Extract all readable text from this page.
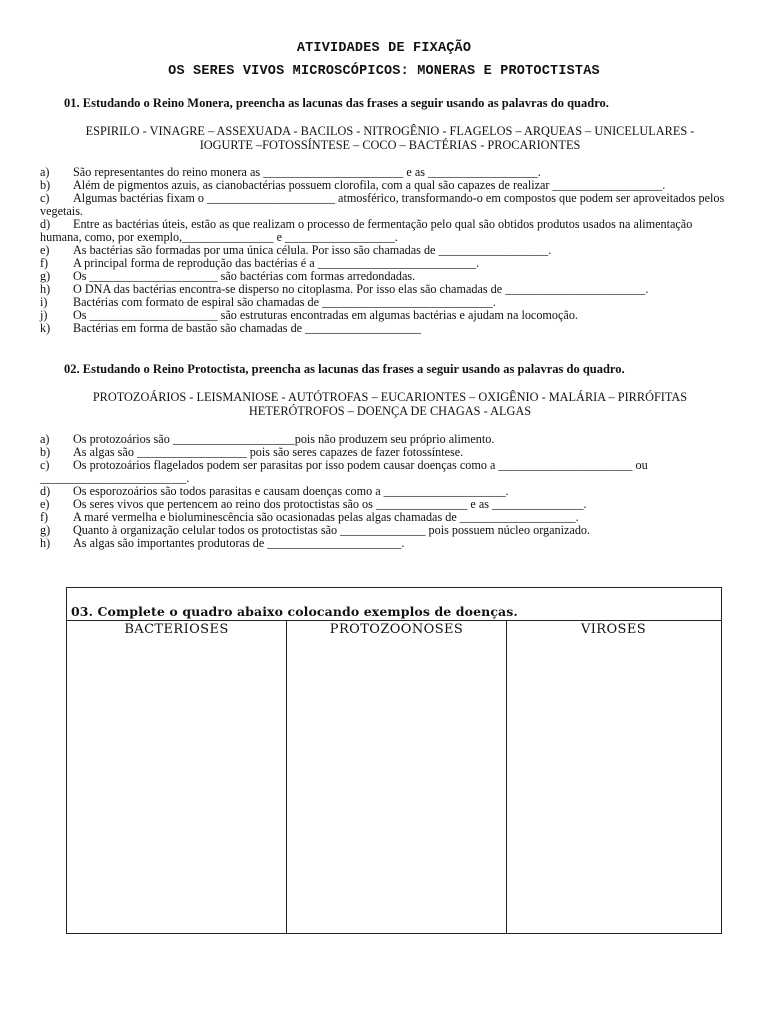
ATIVIDADES DE FIXAÇÃO
OS SERES VIVOS MICROSCÓPICOS: MONERAS E PROTOCTISTAS
01. Estudando o Reino Monera, preencha as lacunas das frases a seguir usando as palavras do quadro.
ESPIRILO - VINAGRE – ASSEXUADA - BACILOS - NITROGÊNIO - FLAGELOS – ARQUEAS – UNICELULARES -
IOGURTE –FOTOSSÍNTESE – COCO – BACTÉRIAS - PROCARIONTES
a)	São representantes do reino monera as _______________________ e as __________________.
b)	Além de pigmentos azuis, as cianobactérias possuem clorofila, com a qual são capazes de realizar __________________.
c)	Algumas bactérias fixam o _____________________ atmosférico, transformando-o em compostos que podem ser aproveitados pelos vegetais.
d)	Entre as bactérias úteis, estão as que realizam o processo de fermentação pelo qual são obtidos produtos usados na alimentação humana, como, por exemplo,_______________ e __________________.
e)	As bactérias são formadas por uma única célula. Por isso são chamadas de __________________.
f)	A principal forma de reprodução das bactérias é a __________________________.
g)	Os _____________________ são bactérias com formas arredondadas.
h)	O DNA das bactérias encontra-se disperso no citoplasma. Por isso elas são chamadas de _______________________.
i)	Bactérias com formato de espiral são chamadas de ____________________________.
j)	Os _____________________ são estruturas encontradas em algumas bactérias e ajudam na locomoção.
k)	Bactérias em forma de bastão são chamadas de ___________________
02. Estudando o Reino Protoctista, preencha as lacunas das frases a seguir usando as palavras do quadro.
PROTOZOÁRIOS - LEISMANIOSE - AUTÓTROFAS – EUCARIONTES – OXIGÊNIO - MALÁRIA – PIRRÓFITAS
HETERÓTROFOS – DOENÇA DE CHAGAS - ALGAS
a)	Os protozoários são ____________________pois não produzem seu próprio alimento.
b)	As algas são __________________ pois são seres capazes de fazer fotossíntese.
c)	Os protozoários flagelados podem ser parasitas por isso podem causar doenças como a ______________________ ou ________________________.
d)	Os esporozoários são todos parasitas e causam doenças como a ____________________.
e)	Os seres vivos que pertencem ao reino dos protoctistas são os _______________ e as _______________.
f)	A maré vermelha e bioluminescência são ocasionadas pelas algas chamadas de ___________________.
g)	Quanto à organização celular todos os protoctistas são ______________ pois possuem núcleo organizado.
h)	As algas são importantes produtoras de ______________________.
03. Complete o quadro abaixo colocando exemplos de doenças.
BACTERIOSES	PROTOZOONOSES	VIROSES
